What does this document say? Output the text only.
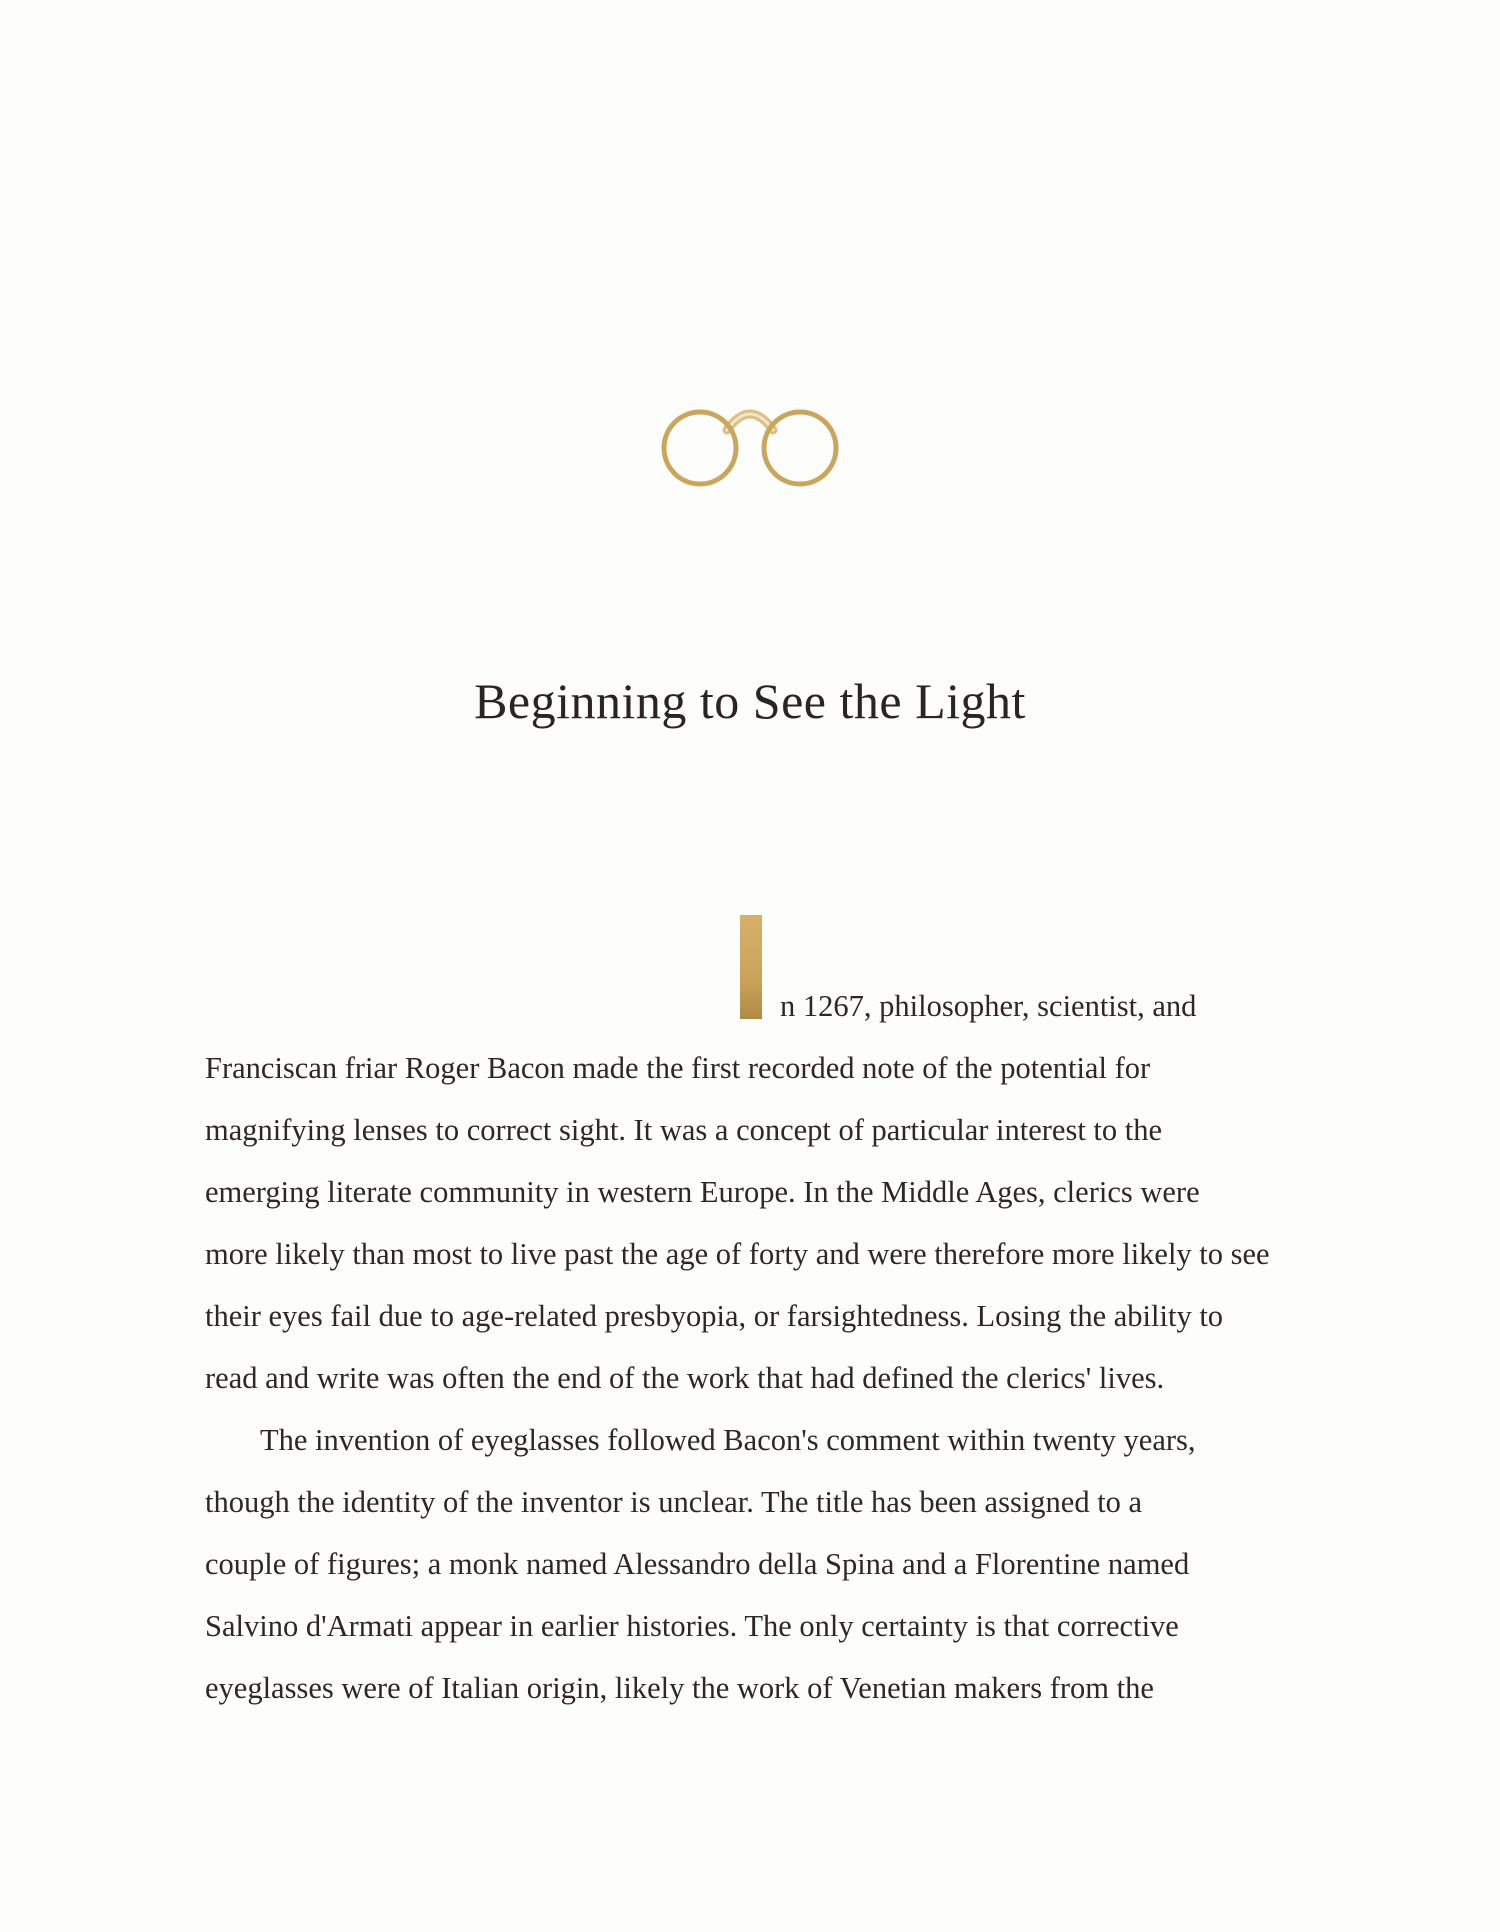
Beginning to See the Light
n 1267, philosopher, scientist, and
Franciscan friar Roger Bacon made the first recorded note of the potential for
magnifying lenses to correct sight. It was a concept of particular interest to the
emerging literate community in western Europe. In the Middle Ages, clerics were
more likely than most to live past the age of forty and were therefore more likely to see
their eyes fail due to age-related presbyopia, or farsightedness. Losing the ability to
read and write was often the end of the work that had defined the clerics' lives.
The invention of eyeglasses followed Bacon's comment within twenty years,
though the identity of the inventor is unclear. The title has been assigned to a
couple of figures; a monk named Alessandro della Spina and a Florentine named
Salvino d'Armati appear in earlier histories. The only certainty is that corrective
eyeglasses were of Italian origin, likely the work of Venetian makers from the
